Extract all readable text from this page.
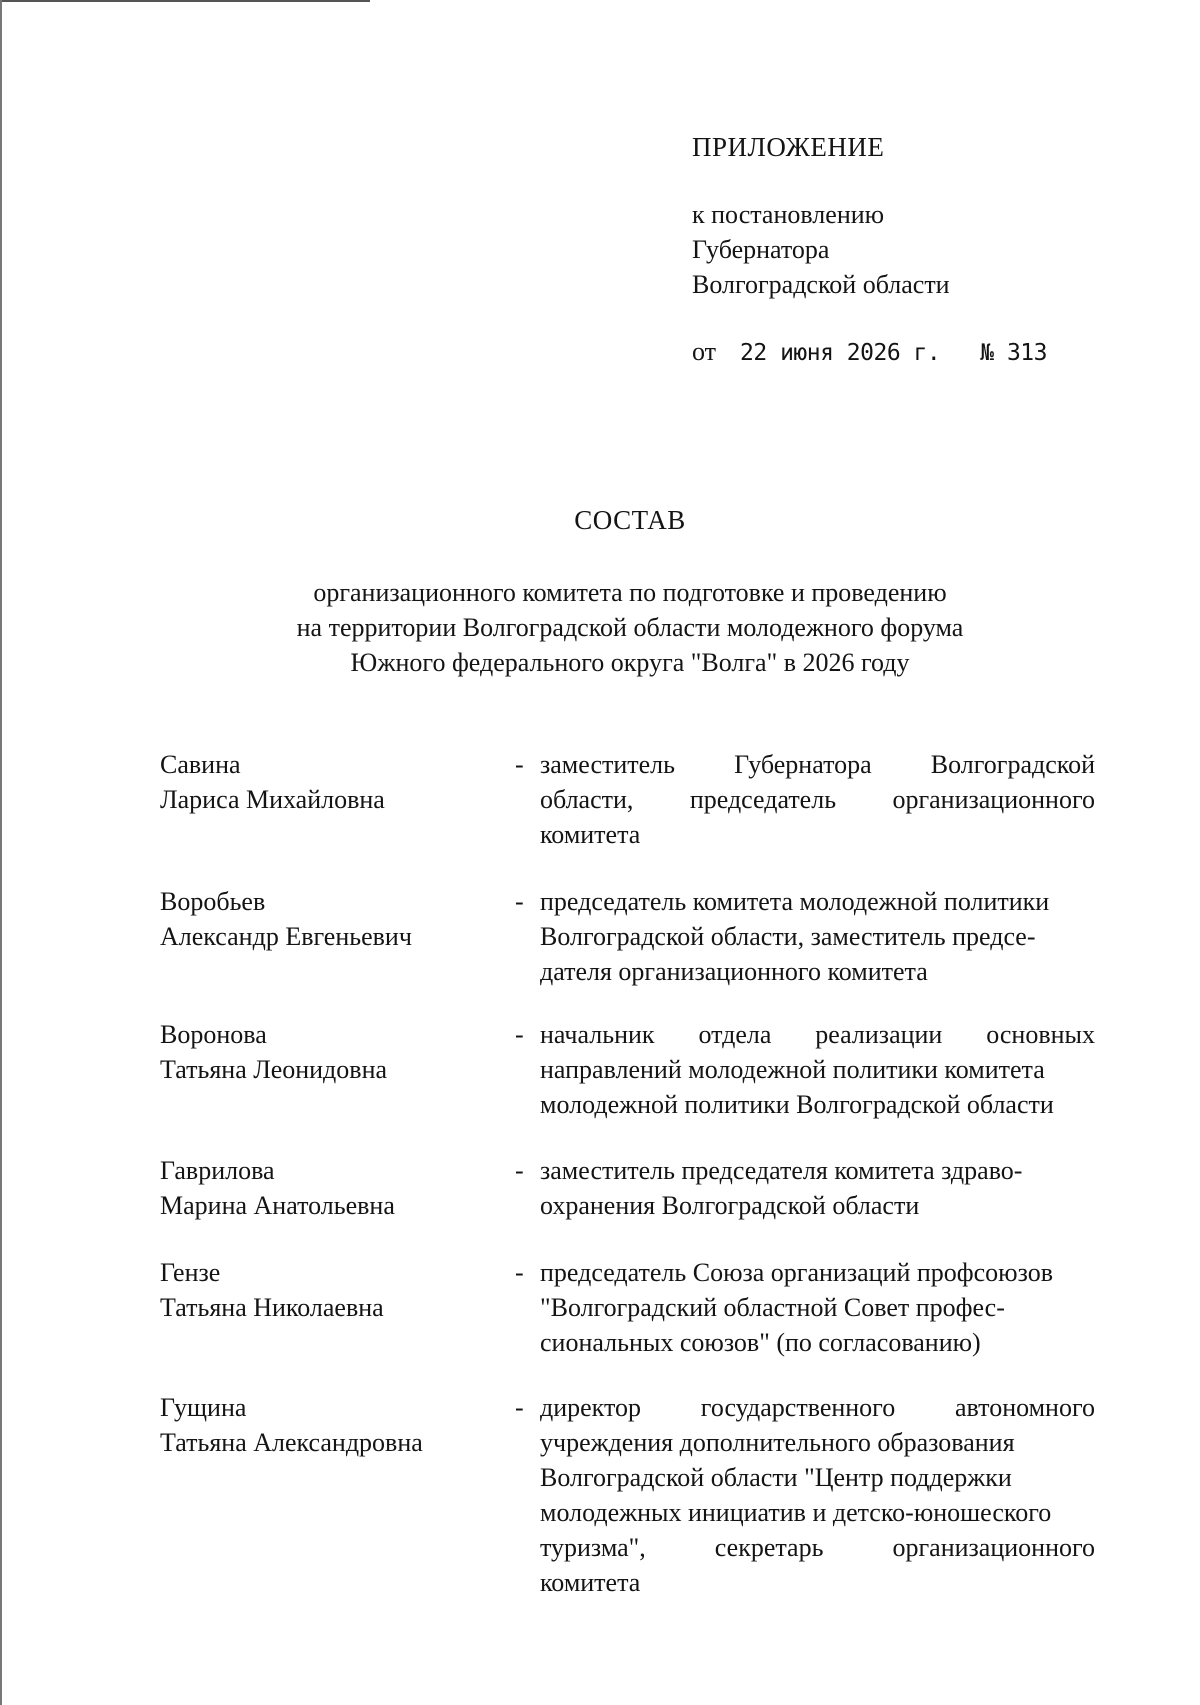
ПРИЛОЖЕНИЕ
к постановлению
Губернатора
Волгоградской области
от 22 июня 2026 г. № 313
СОСТАВ
организационного комитета по подготовке и проведению
на территории Волгоградской области молодежного форума
Южного федерального округа "Волга" в 2026 году
Савина
Лариса Михайловна
- заместитель Губернатора Волгоградской
области, председатель организационного
комитета
Воробьев
Александр Евгеньевич
- председатель комитета молодежной политики
Волгоградской области, заместитель предсе-
дателя организационного комитета
Воронова
Татьяна Леонидовна
- начальник отдела реализации основных
направлений молодежной политики комитета
молодежной политики Волгоградской области
Гаврилова
Марина Анатольевна
- заместитель председателя комитета здраво-
охранения Волгоградской области
Гензе
Татьяна Николаевна
- председатель Союза организаций профсоюзов
"Волгоградский областной Совет профес-
сиональных союзов" (по согласованию)
Гущина
Татьяна Александровна
- директор государственного автономного
учреждения дополнительного образования
Волгоградской области "Центр поддержки
молодежных инициатив и детско-юношеского
туризма",	секретарь	организационного
комитета
